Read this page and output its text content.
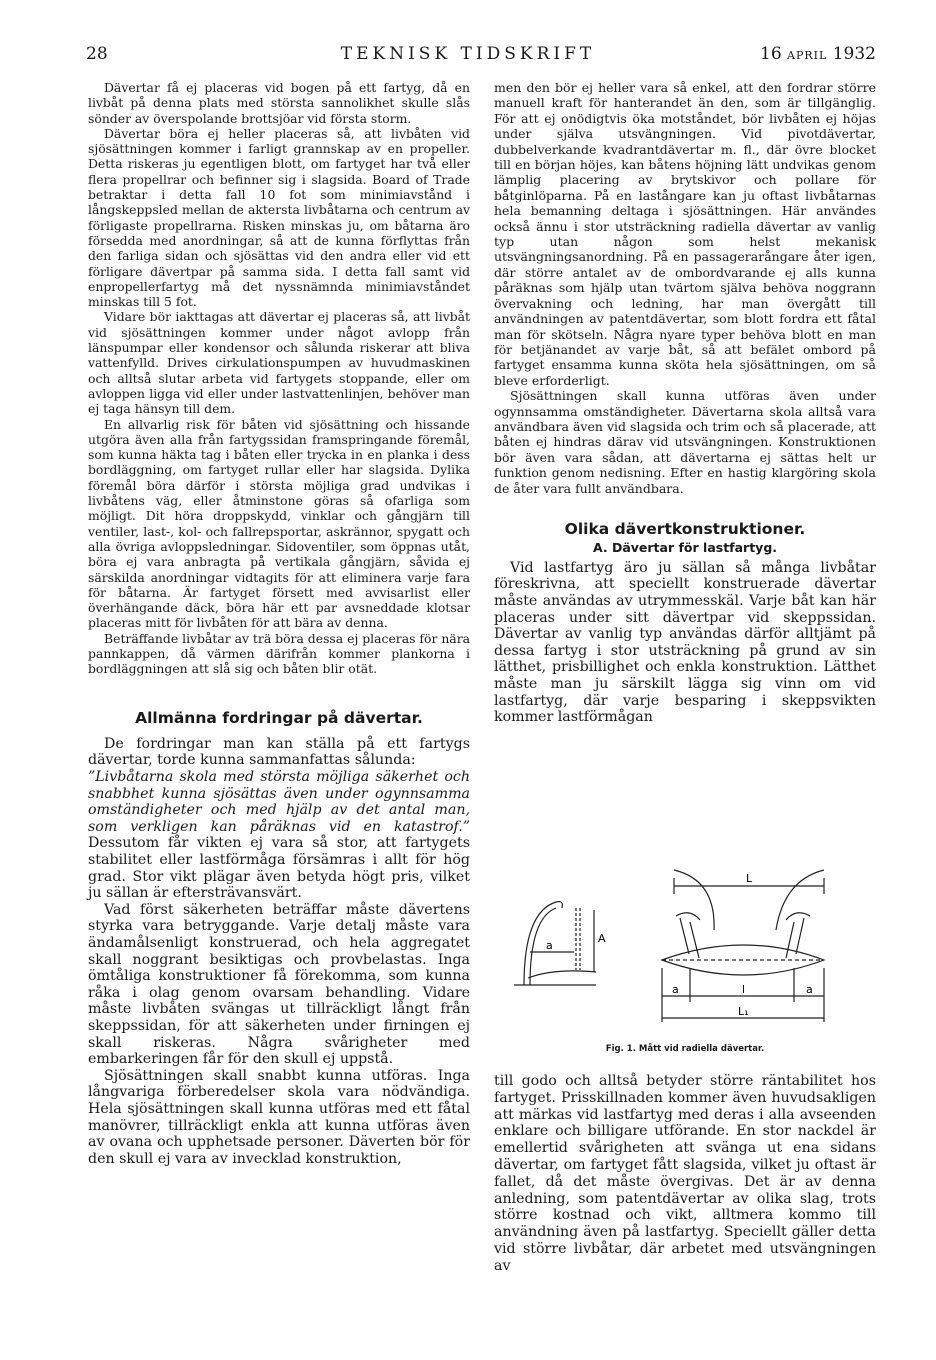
28	TEKNISK TIDSKRIFT	16 APRIL 1932

Dävertar få ej placeras vid bogen på ett fartyg, då en livbåt på denna plats med största sannolikhet skulle slås sönder av överspolande brottsjöar vid första storm.

Dävertar böra ej heller placeras så, att livbåten vid sjösättningen kommer i farligt grannskap av en propeller. Detta riskeras ju egentligen blott, om fartyget har två eller flera propellrar och befinner sig i slagsida. Board of Trade betraktar i detta fall 10 fot som minimiavstånd i långskeppsled mellan de aktersta livbåtarna och centrum av förligaste propellrarna. Risken minskas ju, om båtarna äro försedda med anordningar, så att de kunna förflyttas från den farliga sidan och sjösättas vid den andra eller vid ett förligare dävertpar på samma sida. I detta fall samt vid enpropellerfartyg må det nyssnämnda minimiavståndet minskas till 5 fot.

Vidare bör iakttagas att dävertar ej placeras så, att livbåt vid sjösättningen kommer under något avlopp från länspumpar eller kondensor och sålunda riskerar att bliva vattenfylld. Drives cirkulationspumpen av huvudmaskinen och alltså slutar arbeta vid fartygets stoppande, eller om avloppen ligga vid eller under lastvattenlinjen, behöver man ej taga hänsyn till dem.

En allvarlig risk för båten vid sjösättning och hissande utgöra även alla från fartygssidan framspringande föremål, som kunna häkta tag i båten eller trycka in en planka i dess bordläggning, om fartyget rullar eller har slagsida. Dylika föremål böra därför i största möjliga grad undvikas i livbåtens väg, eller åtminstone göras så ofarliga som möjligt. Dit höra droppskydd, vinklar och gångjärn till ventiler, last-, kol- och fallrepsportar, askrännor, spygatt och alla övriga avloppsledningar. Sidoventiler, som öppnas utåt, böra ej vara anbragta på vertikala gångjärn, såvida ej särskilda anordningar vidtagits för att eliminera varje fara för båtarna. Är fartyget försett med avvisarlist eller överhängande däck, böra här ett par avsneddade klotsar placeras mitt för livbåten för att bära av denna.

Beträffande livbåtar av trä böra dessa ej placeras för nära pannkappen, då värmen därifrån kommer plankorna i bordläggningen att slå sig och båten blir otät.

Allmänna fordringar på dävertar.

De fordringar man kan ställa på ett fartygs dävertar, torde kunna sammanfattas sålunda:

”Livbåtarna skola med största möjliga säkerhet och snabbhet kunna sjösättas även under ogynnsamma omständigheter och med hjälp av det antal man, som verkligen kan påräknas vid en katastrof.” Dessutom får vikten ej vara så stor, att fartygets stabilitet eller lastförmåga försämras i allt för hög grad. Stor vikt plägar även betyda högt pris, vilket ju sällan är eftersträvansvärt.

Vad först säkerheten beträffar måste dävertens styrka vara betryggande. Varje detalj måste vara ändamålsenligt konstruerad, och hela aggregatet skall noggrant besiktigas och provbelastas. Inga ömtåliga konstruktioner få förekomma, som kunna råka i olag genom ovarsam behandling. Vidare måste livbåten svängas ut tillräckligt långt från skeppssidan, för att säkerheten under firningen ej skall riskeras. Några svårigheter med embarkeringen får för den skull ej uppstå.

Sjösättningen skall snabbt kunna utföras. Inga långvariga förberedelser skola vara nödvändiga. Hela sjösättningen skall kunna utföras med ett fåtal manövrer, tillräckligt enkla att kunna utföras även av ovana och upphetsade personer. Däverten bör för den skull ej vara av invecklad konstruktion,

men den bör ej heller vara så enkel, att den fordrar större manuell kraft för hanterandet än den, som är tillgänglig. För att ej onödigtvis öka motståndet, bör livbåten ej höjas under själva utsvängningen. Vid pivotdävertar, dubbelverkande kvadrantdävertar m. fl., där övre blocket till en början höjes, kan båtens höjning lätt undvikas genom lämplig placering av brytskivor och pollare för båtginlöparna. På en lastångare kan ju oftast livbåtarnas hela bemanning deltaga i sjösättningen. Här användes också ännu i stor utsträckning radiella dävertar av vanlig typ utan någon som helst mekanisk utsvängningsanordning. På en passagerarångare åter igen, där större antalet av de ombordvarande ej alls kunna påräknas som hjälp utan tvärtom själva behöva noggrann övervakning och ledning, har man övergått till användningen av patentdävertar, som blott fordra ett fåtal man för skötseln. Några nyare typer behöva blott en man för betjänandet av varje båt, så att befälet ombord på fartyget ensamma kunna sköta hela sjösättningen, om så bleve erforderligt.

Sjösättningen skall kunna utföras även under ogynnsamma omständigheter. Dävertarna skola alltså vara användbara även vid slagsida och trim och så placerade, att båten ej hindras därav vid utsvängningen. Konstruktionen bör även vara sådan, att dävertarna ej sättas helt ur funktion genom nedisning. Efter en hastig klargöring skola de åter vara fullt användbara.

Olika dävertkonstruktioner.
A. Dävertar för lastfartyg.

Vid lastfartyg äro ju sällan så många livbåtar föreskrivna, att speciellt konstruerade dävertar måste användas av utrymmesskäl. Varje båt kan här placeras under sitt dävertpar vid skeppssidan. Dävertar av vanlig typ användas därför alltjämt på dessa fartyg i stor utsträckning på grund av sin lätthet, prisbillighet och enkla konstruktion. Lätthet måste man ju särskilt lägga sig vinn om vid lastfartyg, där varje besparing i skeppsvikten kommer lastförmågan

L
A
a
a	l	a
L₁
Fig. 1. Mått vid radiella dävertar.

till godo och alltså betyder större räntabilitet hos fartyget. Prisskillnaden kommer även huvudsakligen att märkas vid lastfartyg med deras i alla avseenden enklare och billigare utförande. En stor nackdel är emellertid svårigheten att svänga ut ena sidans dävertar, om fartyget fått slagsida, vilket ju oftast är fallet, då det måste övergivas. Det är av denna anledning, som patentdävertar av olika slag, trots större kostnad och vikt, alltmera kommo till användning även på lastfartyg. Speciellt gäller detta vid större livbåtar, där arbetet med utsvängningen av
